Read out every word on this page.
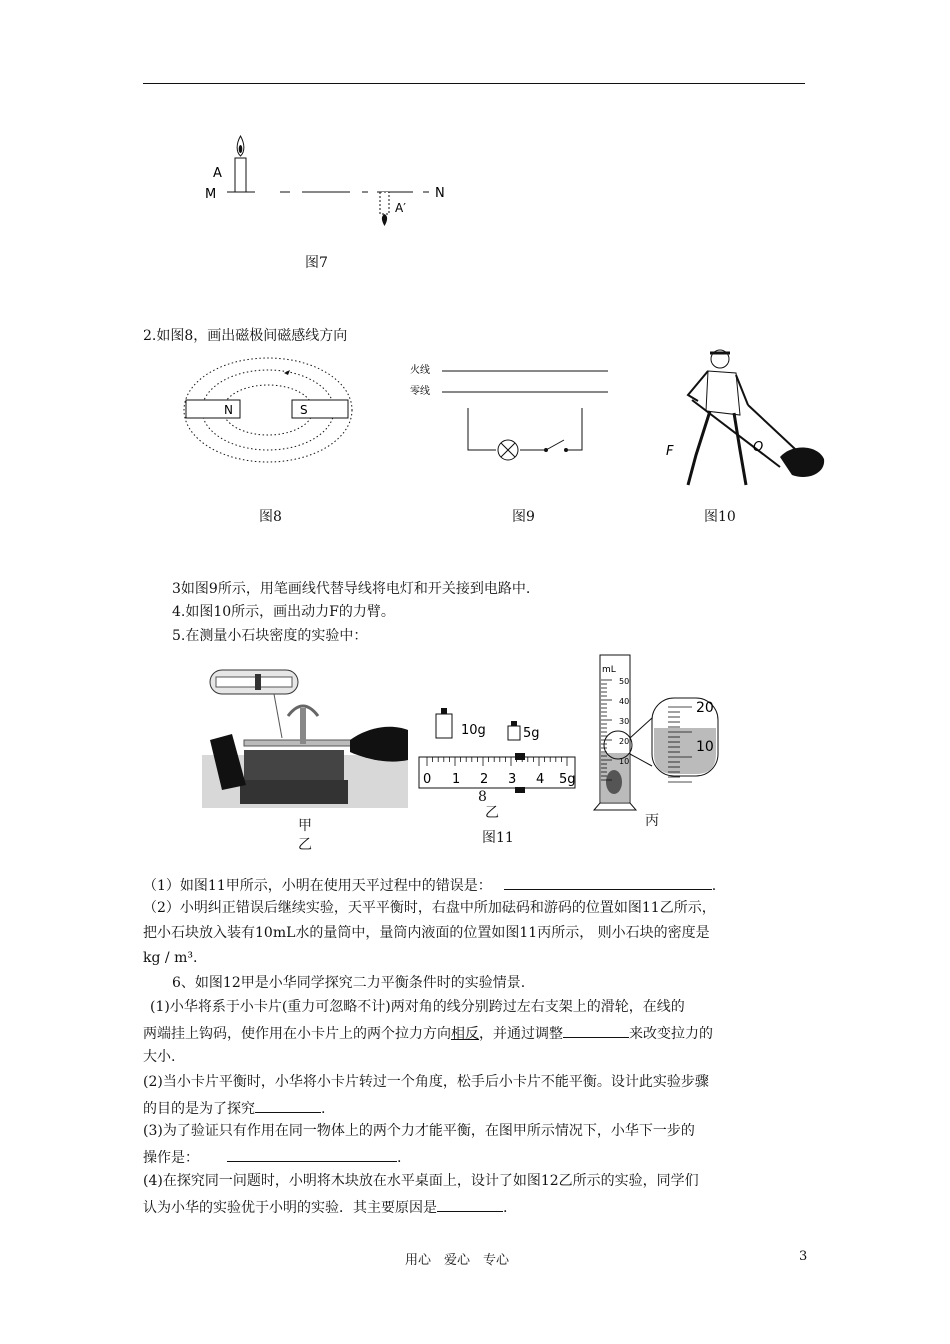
M
A
A′
N
图7
2.如图8，画出磁极间磁感线方向
N	S
图8
火线
零线
图9
F	O
图10
3如图9所示，用笔画线代替导线将电灯和开关接到电路中.
4.如图10所示，画出动力F的力臂。
5.在测量小石块密度的实验中：
甲
乙
10g	5g
0 1 2 3 4 5g
8
乙
图11
mL
50
40
30
20
10
20
10
丙
（1）如图11甲所示，小明在使用天平过程中的错误是：	.
（2）小明纠正错误后继续实验，天平平衡时，右盘中所加砝码和游码的位置如图11乙所示，
把小石块放入装有10mL水的量筒中，量筒内液面的位置如图11丙所示， 则小石块的密度是
kg / m³.
6、如图12甲是小华同学探究二力平衡条件时的实验情景.
(1)小华将系于小卡片(重力可忽略不计)两对角的线分别跨过左右支架上的滑轮，在线的
两端挂上钩码，使作用在小卡片上的两个拉力方向相反，并通过调整	来改变拉力的
大小.
(2)当小卡片平衡时，小华将小卡片转过一个角度，松手后小卡片不能平衡。设计此实验步骤
的目的是为了探究	.
(3)为了验证只有作用在同一物体上的两个力才能平衡，在图甲所示情况下，小华下一步的
操作是：	.
(4)在探究同一问题时，小明将木块放在水平桌面上，设计了如图12乙所示的实验，同学们
认为小华的实验优于小明的实验．其主要原因是	.
用心　爱心　专心	3
